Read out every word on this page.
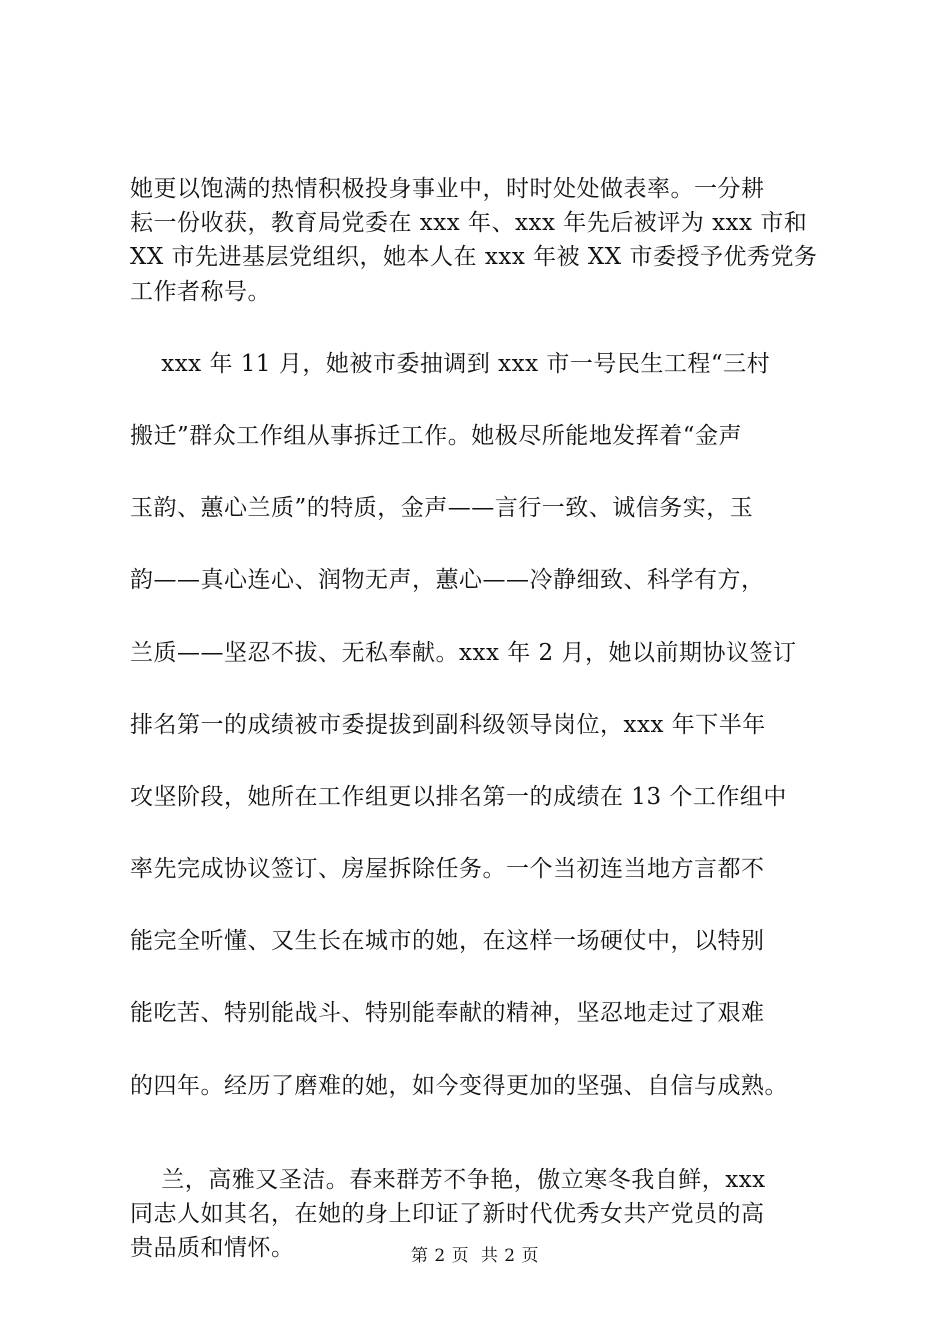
她更以饱满的热情积极投身事业中，时时处处做表率。一分耕
耘一份收获，教育局党委在 xxx 年、xxx 年先后被评为 xxx 市和
XX 市先进基层党组织，她本人在 xxx 年被 XX 市委授予优秀党务
工作者称号。

xxx 年 11 月，她被市委抽调到 xxx 市一号民生工程“三村

搬迁”群众工作组从事拆迁工作。她极尽所能地发挥着“金声

玉韵、蕙心兰质”的特质，金声——言行一致、诚信务实，玉

韵——真心连心、润物无声，蕙心——冷静细致、科学有方，

兰质——坚忍不拔、无私奉献。xxx 年 2 月，她以前期协议签订

排名第一的成绩被市委提拔到副科级领导岗位，xxx 年下半年

攻坚阶段，她所在工作组更以排名第一的成绩在 13 个工作组中

率先完成协议签订、房屋拆除任务。一个当初连当地方言都不

能完全听懂、又生长在城市的她，在这样一场硬仗中，以特别

能吃苦、特别能战斗、特别能奉献的精神，坚忍地走过了艰难

的四年。经历了磨难的她，如今变得更加的坚强、自信与成熟。

兰，高雅又圣洁。春来群芳不争艳，傲立寒冬我自鲜，xxx
同志人如其名，在她的身上印证了新时代优秀女共产党员的高
贵品质和情怀。	第 2 页  共 2 页
